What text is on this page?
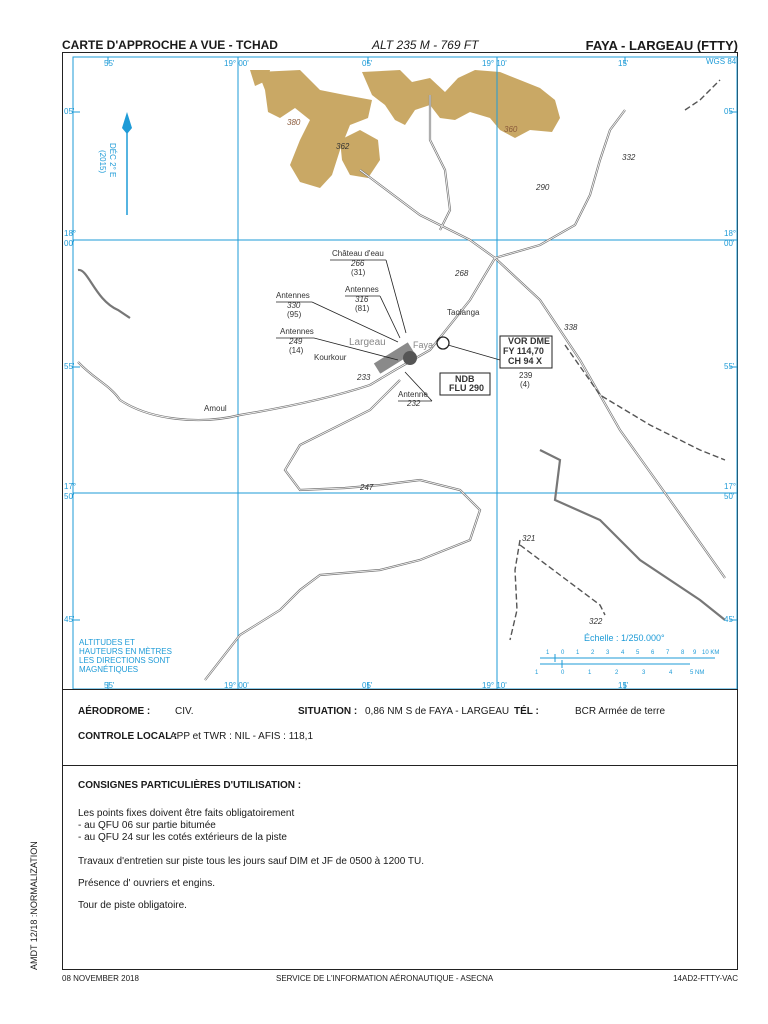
CARTE D'APPROCHE A VUE - TCHAD	ALT 235 M - 769 FT	FAYA - LARGEAU (FTTY)
55'	19° 00'	05'	19° 10'	15'	WGS 84
55'	19° 00'	05'	19° 10'	15'
05'
18°
00'
55'
17°
50'
45'
05'
18°
00'
55'
17°
50'
45'
DÉC 2° E
(2015)
ALTITUDES ET
HAUTEURS EN MÈTRES
LES DIRECTIONS SONT
MAGNÉTIQUES
Échelle : 1/250.000°
1 0 1 2 3 4 5 6 7 8 9 10 KM
1	0	1	2	3	4	5 NM
380
362
360
332
290
268
338
233
247
321
322
Largeau	Faya
Taolanga
Kourkour
Amoul
Château d'eau
266
(31)
Antennes
316
(81)
Antennes
330
(95)
Antennes
249
(14)
Antenne
232
VOR DME
FY 114,70
CH 94 X
239
(4)
NDB
FLU 290
AÉRODROME : CIV.	SITUATION : 0,86 NM S de FAYA - LARGEAU TÉL :	BCR Armée de terre
CONTROLE LOCAL :
APP et TWR : NIL - AFIS : 118,1
CONSIGNES PARTICULIÈRES D'UTILISATION :
Les points fixes doivent être faits obligatoirement
- au QFU 06 sur partie bitumée
- au QFU 24 sur les cotés extérieurs de la piste

Travaux d'entretien sur piste tous les jours sauf DIM et JF de 0500 à 1200 TU.

Présence d' ouvriers et engins.

Tour de piste obligatoire.

AMDT 12/18 :NORMALIZATION
08 NOVEMBER 2018	SERVICE DE L'INFORMATION AÉRONAUTIQUE - ASECNA	14AD2-FTTY-VAC
